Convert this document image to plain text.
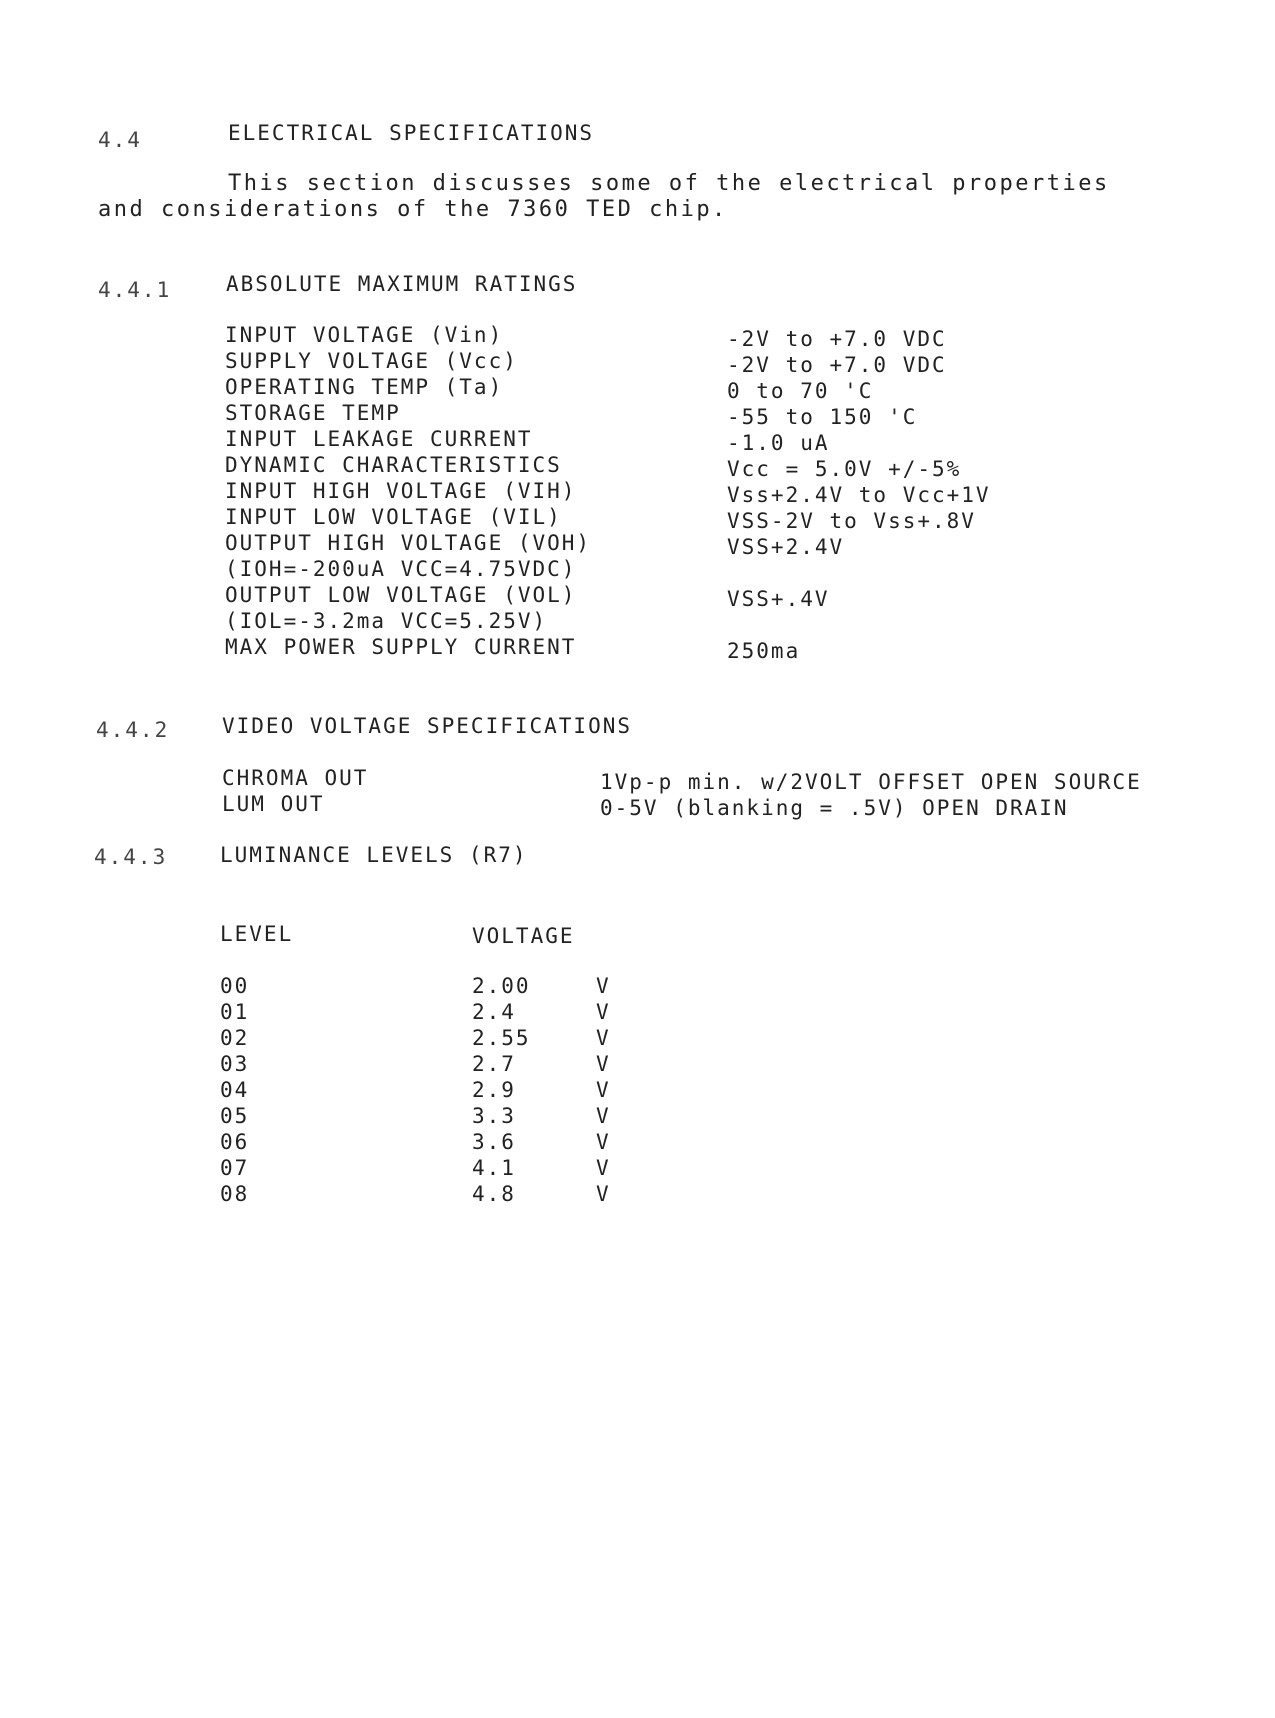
4.4	ELECTRICAL SPECIFICATIONS
This section discusses some of the electrical properties
and considerations of the 7360 TED chip.
4.4.1	ABSOLUTE MAXIMUM RATINGS
INPUT VOLTAGE (Vin)	-2V to +7.0 VDC
SUPPLY VOLTAGE (Vcc)	-2V to +7.0 VDC
OPERATING TEMP (Ta)	0 to 70 'C
STORAGE TEMP	-55 to 150 'C
INPUT LEAKAGE CURRENT	-1.0 uA
DYNAMIC CHARACTERISTICS	Vcc = 5.0V +/-5%
INPUT HIGH VOLTAGE (VIH)	Vss+2.4V to Vcc+1V
INPUT LOW VOLTAGE (VIL)	VSS-2V to Vss+.8V
OUTPUT HIGH VOLTAGE (VOH)	VSS+2.4V
(IOH=-200uA VCC=4.75VDC)
OUTPUT LOW VOLTAGE (VOL)	VSS+.4V
(IOL=-3.2ma VCC=5.25V)
MAX POWER SUPPLY CURRENT	250ma
4.4.2	VIDEO VOLTAGE SPECIFICATIONS
CHROMA OUT	1Vp-p min. w/2VOLT OFFSET OPEN SOURCE
LUM OUT	0-5V (blanking = .5V) OPEN DRAIN
4.4.3	LUMINANCE LEVELS (R7)
LEVEL	VOLTAGE
00	2.00	V
01	2.4	V
02	2.55	V
03	2.7	V
04	2.9	V
05	3.3	V
06	3.6	V
07	4.1	V
08	4.8	V
